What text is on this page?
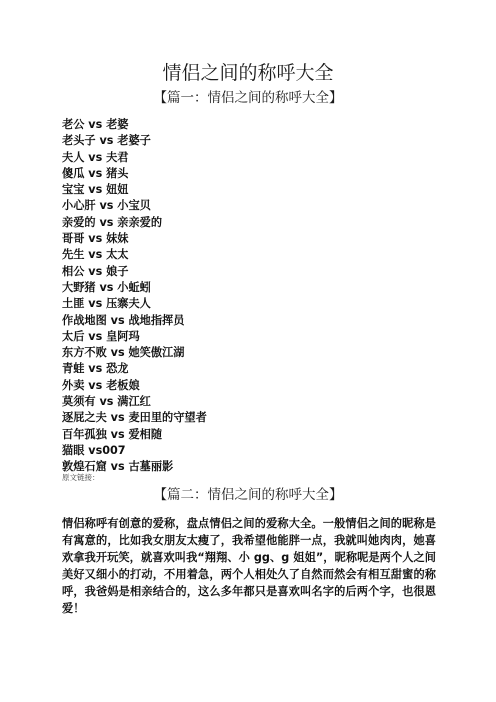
情侣之间的称呼大全
【篇一：情侣之间的称呼大全】
老公 vs 老婆
老头子 vs 老婆子
夫人 vs 夫君
傻瓜 vs 猪头
宝宝 vs 妞妞
小心肝 vs 小宝贝
亲爱的 vs 亲亲爱的
哥哥 vs 妹妹
先生 vs 太太
相公 vs 娘子
大野猪 vs 小蚯蚓
土匪 vs 压寨夫人
作战地图 vs 战地指挥员
太后 vs 皇阿玛
东方不败 vs 她笑傲江湖
青蛙 vs 恐龙
外卖 vs 老板娘
莫须有 vs 满江红
逐屁之夫 vs 麦田里的守望者
百年孤独 vs 爱相随
猫眼 vs007
敦煌石窟 vs 古墓丽影
原文链接：
【篇二：情侣之间的称呼大全】

情侣称呼有创意的爱称，盘点情侣之间的爱称大全。一般情侣之间的昵称是有寓意的，比如我女朋友太瘦了，我希望他能胖一点，我就叫她肉肉，她喜欢拿我开玩笑，就喜欢叫我“翔翔、小 gg、g 姐姐”，昵称呢是两个人之间美好又细小的打动，不用着急，两个人相处久了自然而然会有相互甜蜜的称呼，我爸妈是相亲结合的，这么多年都只是喜欢叫名字的后两个字，也很恩爱！
